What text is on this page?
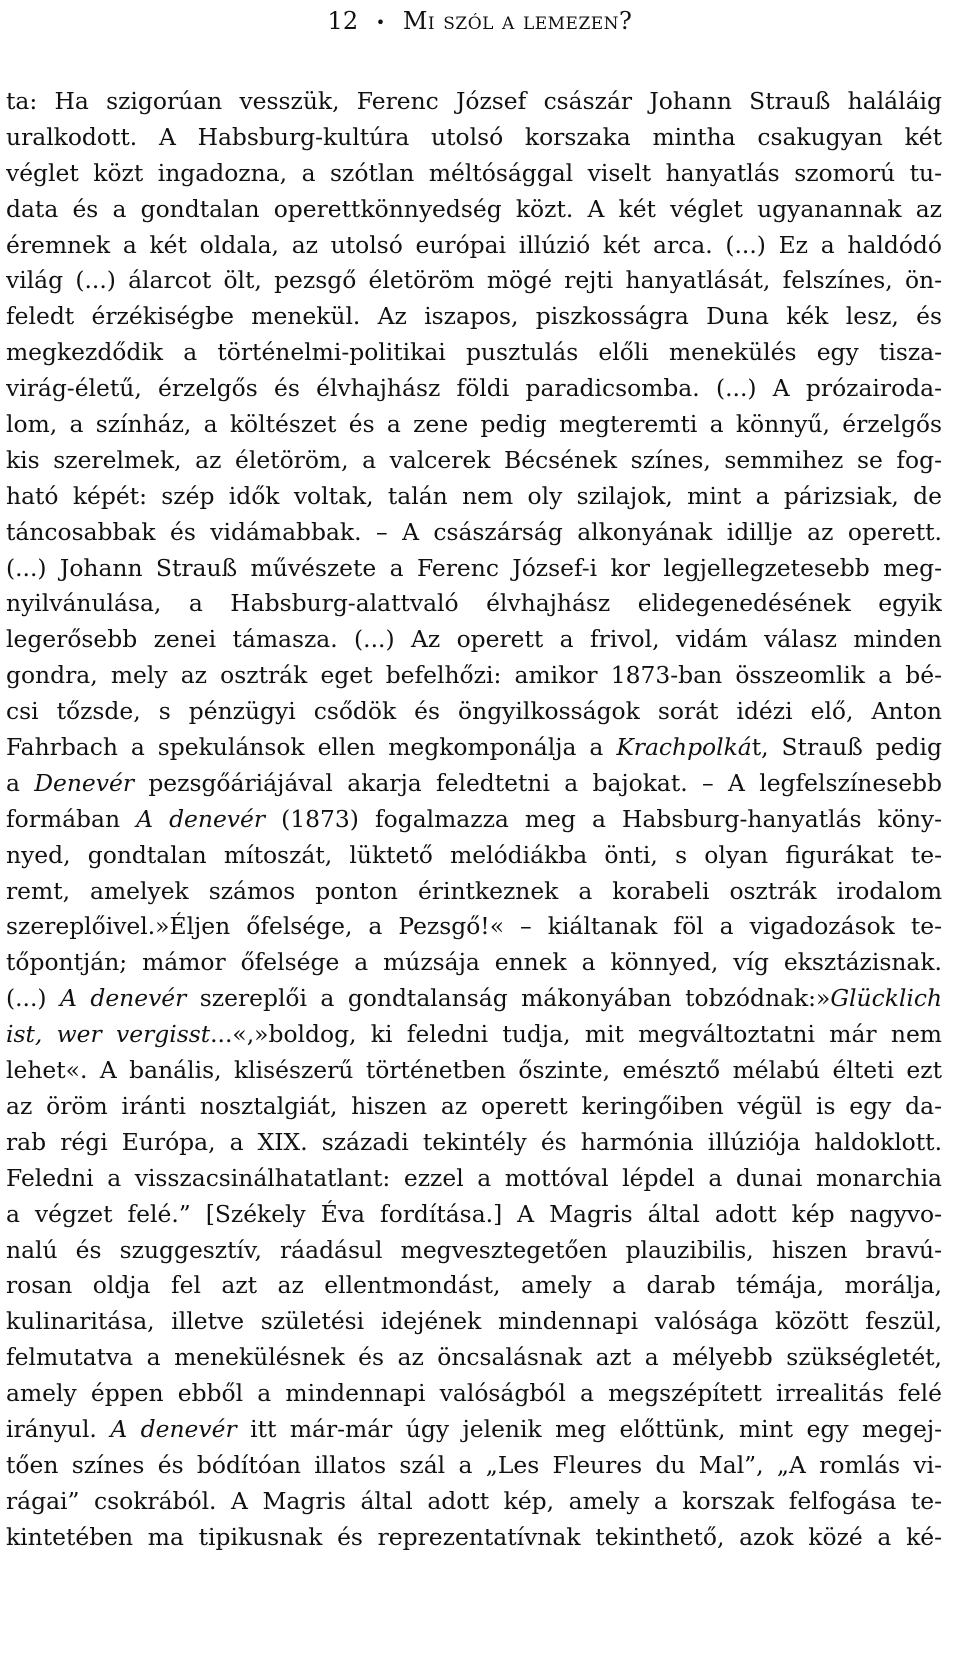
12 • Mi szól a lemezen?
ta: Ha szigorúan vesszük, Ferenc József császár Johann Strauß haláláig
uralkodott. A Habsburg-kultúra utolsó korszaka mintha csakugyan két
véglet közt ingadozna, a szótlan méltósággal viselt hanyatlás szomorú tu-
data és a gondtalan operettkönnyedség közt. A két véglet ugyanannak az
éremnek a két oldala, az utolsó európai illúzió két arca. (...) Ez a haldódó
világ (...) álarcot ölt, pezsgő életöröm mögé rejti hanyatlását, felszínes, ön-
feledt érzékiségbe menekül. Az iszapos, piszkosságra Duna kék lesz, és
megkezdődik a történelmi-politikai pusztulás előli menekülés egy tisza-
virág-életű, érzelgős és élvhajhász földi paradicsomba. (...) A prózairoda-
lom, a színház, a költészet és a zene pedig megteremti a könnyű, érzelgős
kis szerelmek, az életöröm, a valcerek Bécsének színes, semmihez se fog-
ható képét: szép idők voltak, talán nem oly szilajok, mint a párizsiak, de
táncosabbak és vidámabbak. – A császárság alkonyának idillje az operett.
(...) Johann Strauß művészete a Ferenc József-i kor legjellegzetesebb meg-
nyilvánulása, a Habsburg-alattvaló élvhajhász elidegenedésének egyik
legerősebb zenei támasza. (...) Az operett a frivol, vidám válasz minden
gondra, mely az osztrák eget befelhőzi: amikor 1873-ban összeomlik a bé-
csi tőzsde, s pénzügyi csődök és öngyilkosságok sorát idézi elő, Anton
Fahrbach a spekulánsok ellen megkomponálja a Krachpolkát, Strauß pedig
a Denevér pezsgőáriájával akarja feledtetni a bajokat. – A legfelszínesebb
formában A denevér (1873) fogalmazza meg a Habsburg-hanyatlás köny-
nyed, gondtalan mítoszát, lüktető melódiákba önti, s olyan figurákat te-
remt, amelyek számos ponton érintkeznek a korabeli osztrák irodalom
szereplőivel.»Éljen őfelsége, a Pezsgő!« – kiáltanak föl a vigadozások te-
tőpontján; mámor őfelsége a múzsája ennek a könnyed, víg eksztázisnak.
(...) A denevér szereplői a gondtalanság mákonyában tobzódnak:»Glücklich
ist, wer vergisst...«,»boldog, ki feledni tudja, mit megváltoztatni már nem
lehet«. A banális, klisészerű történetben őszinte, emésztő mélabú élteti ezt
az öröm iránti nosztalgiát, hiszen az operett keringőiben végül is egy da-
rab régi Európa, a XIX. századi tekintély és harmónia illúziója haldoklott.
Feledni a visszacsinálhatatlant: ezzel a mottóval lépdel a dunai monarchia
a végzet felé.” [Székely Éva fordítása.] A Magris által adott kép nagyvo-
nalú és szuggesztív, ráadásul megvesztegetően plauzibilis, hiszen bravú-
rosan oldja fel azt az ellentmondást, amely a darab témája, morálja,
kulinaritása, illetve születési idejének mindennapi valósága között feszül,
felmutatva a menekülésnek és az öncsalásnak azt a mélyebb szükségletét,
amely éppen ebből a mindennapi valóságból a megszépített irrealitás felé
irányul. A denevér itt már-már úgy jelenik meg előttünk, mint egy megej-
tően színes és bódítóan illatos szál a „Les Fleures du Mal”, „A romlás vi-
rágai” csokrából. A Magris által adott kép, amely a korszak felfogása te-
kintetében ma tipikusnak és reprezentatívnak tekinthető, azok közé a ké-
